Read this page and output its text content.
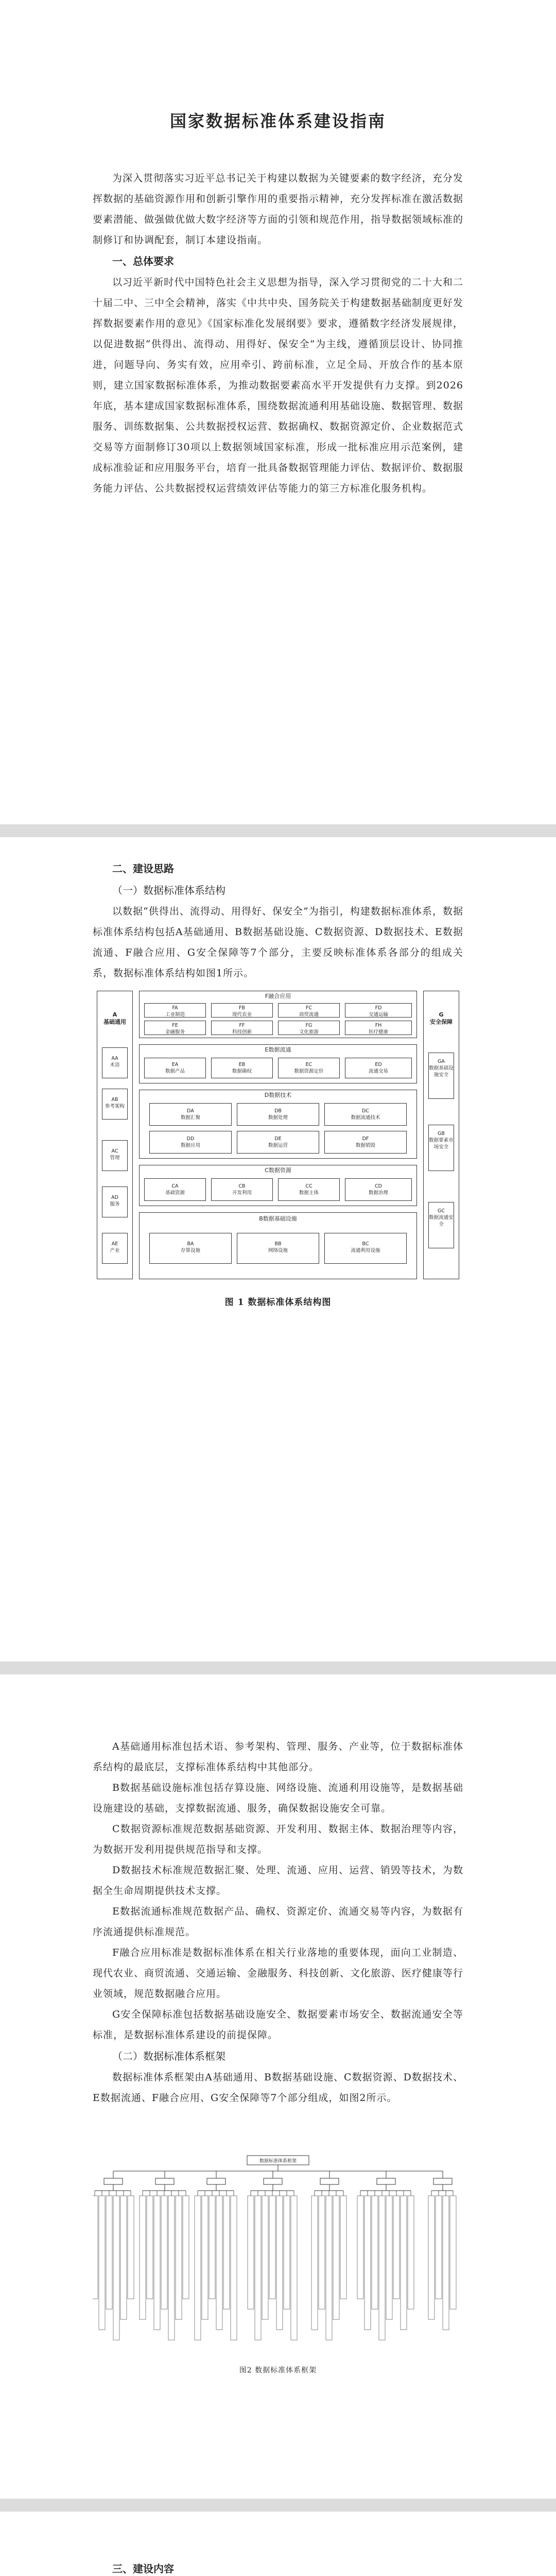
国家数据标准体系建设指南

为深入贯彻落实习近平总书记关于构建以数据为关键要素的数字经济，充分发挥数据的基础资源作用和创新引擎作用的重要指示精神，充分发挥标准在激活数据要素潜能、做强做优做大数字经济等方面的引领和规范作用，指导数据领域标准的制修订和协调配套，制订本建设指南。

一、总体要求

以习近平新时代中国特色社会主义思想为指导，深入学习贯彻党的二十大和二十届二中、三中全会精神，落实《中共中央、国务院关于构建数据基础制度更好发挥数据要素作用的意见》《国家标准化发展纲要》要求，遵循数字经济发展规律，以促进数据“供得出、流得动、用得好、保安全”为主线，遵循顶层设计、协同推进，问题导向、务实有效，应用牵引、跨前标准，立足全局、开放合作的基本原则，建立国家数据标准体系，为推动数据要素高水平开发提供有力支撑。到2026年底，基本建成国家数据标准体系，围绕数据流通利用基础设施、数据管理、数据服务、训练数据集、公共数据授权运营、数据确权、数据资源定价、企业数据范式交易等方面制修订30项以上数据领域国家标准，形成一批标准应用示范案例，建成标准验证和应用服务平台，培育一批具备数据管理能力评估、数据评价、数据服务能力评估、公共数据授权运营绩效评估等能力的第三方标准化服务机构。

二、建设思路

（一）数据标准体系结构

以数据“供得出、流得动、用得好、保安全”为指引，构建数据标准体系，数据标准体系结构包括A基础通用、B数据基础设施、C数据资源、D数据技术、E数据流通、F融合应用、G安全保障等7个部分，主要反映标准体系各部分的组成关系，数据标准体系结构如图1所示。

A
基础通用
AA
术语
AB
参考架构
AC
管理
AD
服务
AE
产业
G
安全保障
GA
数据基础设施安全
GB
数据要素市场安全
GC
数据流通安全
F融合应用
FA
工业制造
FB
现代农业
FC
商贸流通
FD
交通运输
FE
金融服务
FF
科技创新
FG
文化旅游
FH
医疗健康
E数据流通
EA
数据产品
EB
数据确权
EC
数据资源定价
ED
流通交易
D数据技术
DA
数据汇聚
DB
数据处理
DC
数据流通技术
DD
数据应用
DE
数据运营
DF
数据销毁
C数据资源
CA
基础资源
CB
开发利用
CC
数据主体
CD
数据治理
B数据基础设施
BA
存算设施
BB
网络设施
BC
流通利用设施

图 1 数据标准体系结构图

A基础通用标准包括术语、参考架构、管理、服务、产业等，位于数据标准体系结构的最底层，支撑标准体系结构中其他部分。

B数据基础设施标准包括存算设施、网络设施、流通利用设施等，是数据基础设施建设的基础，支撑数据流通、服务，确保数据设施安全可靠。

C数据资源标准规范数据基础资源、开发利用、数据主体、数据治理等内容，为数据开发利用提供规范指导和支撑。

D数据技术标准规范数据汇聚、处理、流通、应用、运营、销毁等技术，为数据全生命周期提供技术支撑。

E数据流通标准规范数据产品、确权、资源定价、流通交易等内容，为数据有序流通提供标准规范。

F融合应用标准是数据标准体系在相关行业落地的重要体现，面向工业制造、现代农业、商贸流通、交通运输、金融服务、科技创新、文化旅游、医疗健康等行业领域，规范数据融合应用。

G安全保障标准包括数据基础设施安全、数据要素市场安全、数据流通安全等标准，是数据标准体系建设的前提保障。

（二）数据标准体系框架

数据标准体系框架由A基础通用、B数据基础设施、C数据资源、D数据技术、E数据流通、F融合应用、G安全保障等7个部分组成，如图2所示。

数据标准体系框架

图2 数据标准体系框架

三、建设内容
